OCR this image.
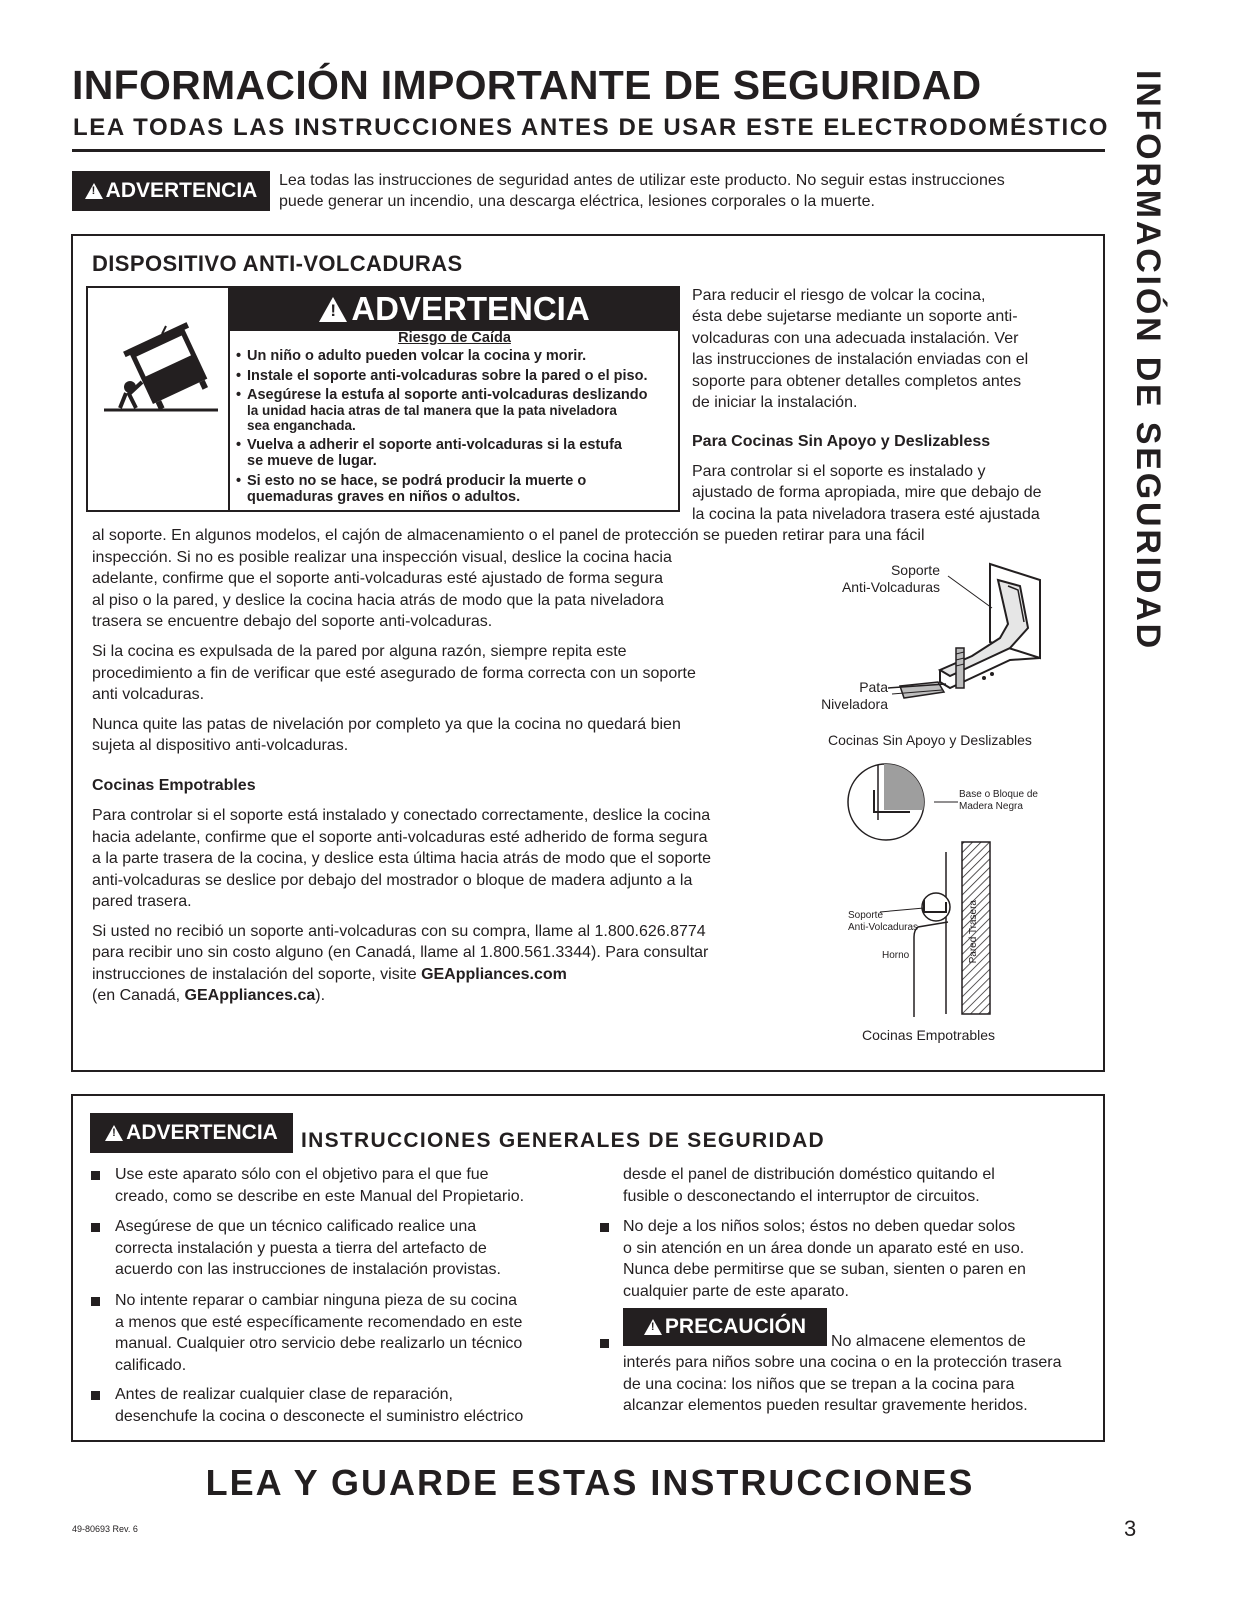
INFORMACIÓN IMPORTANTE DE SEGURIDAD
LEA TODAS LAS INSTRUCCIONES ANTES DE USAR ESTE ELECTRODOMÉSTICO INFORMACIÓN DE SEGURIDAD
!
ADVERTENCIA Lea todas las instrucciones de seguridad antes de utilizar este producto. No seguir estas instrucciones
puede generar un incendio, una descarga eléctrica, lesiones corporales o la muerte.
DISPOSITIVO ANTI-VOLCADURAS
!
ADVERTENCIA
Riesgo de Caída
• Un niño o adulto pueden volcar la cocina y morir.
• Instale el soporte anti-volcaduras sobre la pared o el piso.
• Asegúrese la estufa al soporte anti-volcaduras deslizando
la unidad hacia atras de tal manera que la pata niveladora
sea enganchada.
• Vuelva a adherir el soporte anti-volcaduras si la estufa
se mueve de lugar.
• Si esto no se hace, se podrá producir la muerte o
quemaduras graves en niños o adultos.
Para reducir el riesgo de volcar la cocina,
ésta debe sujetarse mediante un soporte anti-
volcaduras con una adecuada instalación. Ver
las instrucciones de instalación enviadas con el
soporte para obtener detalles completos antes
de iniciar la instalación.
Para Cocinas Sin Apoyo y Deslizabless
Para controlar si el soporte es instalado y
ajustado de forma apropiada, mire que debajo de
la cocina la pata niveladora trasera esté ajustada
al soporte. En algunos modelos, el cajón de almacenamiento o el panel de protección se pueden retirar para una fácil
inspección. Si no es posible realizar una inspección visual, deslice la cocina hacia
adelante, confirme que el soporte anti-volcaduras esté ajustado de forma segura
al piso o la pared, y deslice la cocina hacia atrás de modo que la pata niveladora
trasera se encuentre debajo del soporte anti-volcaduras.
Si la cocina es expulsada de la pared por alguna razón, siempre repita este
procedimiento a fin de verificar que esté asegurado de forma correcta con un soporte
anti volcaduras.
Nunca quite las patas de nivelación por completo ya que la cocina no quedará bien
sujeta al dispositivo anti-volcaduras.
Cocinas Empotrables
Para controlar si el soporte está instalado y conectado correctamente, deslice la cocina
hacia adelante, confirme que el soporte anti-volcaduras esté adherido de forma segura
a la parte trasera de la cocina, y deslice esta última hacia atrás de modo que el soporte
anti-volcaduras se deslice por debajo del mostrador o bloque de madera adjunto a la
pared trasera.
Si usted no recibió un soporte anti-volcaduras con su compra, llame al 1.800.626.8774
para recibir uno sin costo alguno (en Canadá, llame al 1.800.561.3344). Para consultar
instrucciones de instalación del soporte, visite GEAppliances.com
(en Canadá, GEAppliances.ca).
Soporte
Anti-Volcaduras
Pata
Niveladora
Cocinas Sin Apoyo y Deslizables
Base o Bloque de
Madera Negra
Soporte
Anti-Volcaduras
Horno	Pared Trasera
Cocinas Empotrables
!
ADVERTENCIA INSTRUCCIONES GENERALES DE SEGURIDAD
Use este aparato sólo con el objetivo para el que fue
creado, como se describe en este Manual del Propietario.
Asegúrese de que un técnico calificado realice una
correcta instalación y puesta a tierra del artefacto de
acuerdo con las instrucciones de instalación provistas.
No intente reparar o cambiar ninguna pieza de su cocina
a menos que esté específicamente recomendado en este
manual. Cualquier otro servicio debe realizarlo un técnico
calificado.
Antes de realizar cualquier clase de reparación,
desenchufe la cocina o desconecte el suministro eléctrico
desde el panel de distribución doméstico quitando el
fusible o desconectando el interruptor de circuitos.
No deje a los niños solos; éstos no deben quedar solos
o sin atención en un área donde un aparato esté en uso.
Nunca debe permitirse que se suban, sienten o paren en
cualquier parte de este aparato.
!
PRECAUCIÓN
No almacene elementos de
interés para niños sobre una cocina o en la protección trasera
de una cocina: los niños que se trepan a la cocina para
alcanzar elementos pueden resultar gravemente heridos.
LEA Y GUARDE ESTAS INSTRUCCIONES
49-80693 Rev. 6	3
